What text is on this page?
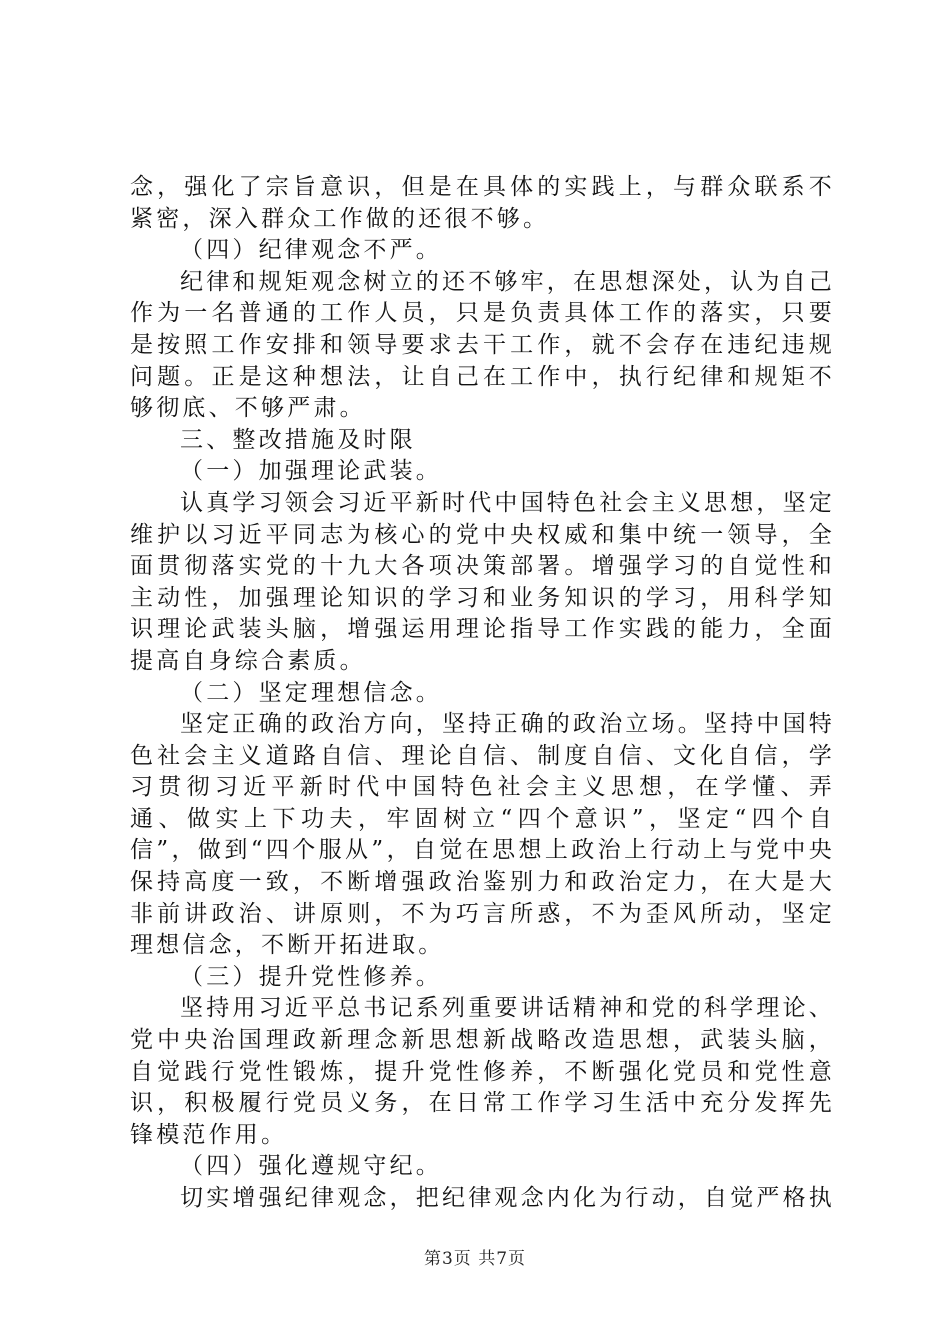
念，强化了宗旨意识，但是在具体的实践上，与群众联系不紧密，深入群众工作做的还很不够。

（四）纪律观念不严。

纪律和规矩观念树立的还不够牢，在思想深处，认为自己作为一名普通的工作人员，只是负责具体工作的落实，只要是按照工作安排和领导要求去干工作，就不会存在违纪违规问题。正是这种想法，让自己在工作中，执行纪律和规矩不够彻底、不够严肃。

三、整改措施及时限

（一）加强理论武装。

认真学习领会习近平新时代中国特色社会主义思想，坚定维护以习近平同志为核心的党中央权威和集中统一领导，全面贯彻落实党的十九大各项决策部署。增强学习的自觉性和主动性，加强理论知识的学习和业务知识的学习，用科学知识理论武装头脑，增强运用理论指导工作实践的能力，全面提高自身综合素质。

（二）坚定理想信念。

坚定正确的政治方向，坚持正确的政治立场。坚持中国特色社会主义道路自信、理论自信、制度自信、文化自信，学习贯彻习近平新时代中国特色社会主义思想，在学懂、弄通、做实上下功夫，牢固树立“四个意识”，坚定“四个自信”，做到“四个服从”，自觉在思想上政治上行动上与党中央保持高度一致，不断增强政治鉴别力和政治定力，在大是大非前讲政治、讲原则，不为巧言所惑，不为歪风所动，坚定理想信念，不断开拓进取。

（三）提升党性修养。

坚持用习近平总书记系列重要讲话精神和党的科学理论、党中央治国理政新理念新思想新战略改造思想，武装头脑，自觉践行党性锻炼，提升党性修养，不断强化党员和党性意识，积极履行党员义务，在日常工作学习生活中充分发挥先锋模范作用。

（四）强化遵规守纪。

切实增强纪律观念，把纪律观念内化为行动，自觉严格执

第3页 共7页
